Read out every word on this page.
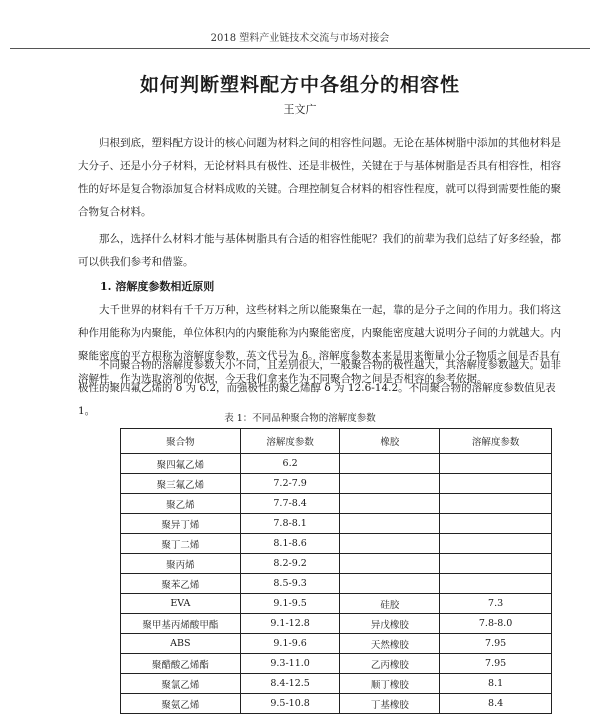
2018 塑料产业链技术交流与市场对接会
如何判断塑料配方中各组分的相容性
王文广

归根到底，塑料配方设计的核心问题为材料之间的相容性问题。无论在基体树脂中添加的其他材料是大分子、还是小分子材料，无论材料具有极性、还是非极性，关键在于与基体树脂是否具有相容性，相容性的好坏是复合物添加复合材料成败的关键。合理控制复合材料的相容性程度，就可以得到需要性能的聚合物复合材料。

那么，选择什么材料才能与基体树脂具有合适的相容性能呢？我们的前辈为我们总结了好多经验，都可以供我们参考和借鉴。

1. 溶解度参数相近原则

大千世界的材料有千千万万种，这些材料之所以能聚集在一起，靠的是分子之间的作用力。我们将这种作用能称为内聚能，单位体积内的内聚能称为内聚能密度，内聚能密度越大说明分子间的力就越大。内聚能密度的平方根称为溶解度参数，英文代号为 δ。溶解度参数本来是用来衡量小分子物质之间是否具有溶解性，作为选取溶剂的依据，今天我们拿来作为不同聚合物之间是否相容的参考依据。

不同聚合物的溶解度参数大小不同，且差别很大，一般聚合物的极性越大，其溶解度参数越大。如非极性的聚四氟乙烯的 δ 为 6.2，而强极性的聚乙烯醇 δ 为 12.6-14.2。不同聚合物的溶解度参数值见表 1。

表 1：不同品种聚合物的溶解度参数
聚合物	溶解度参数	橡胶	溶解度参数
聚四氟乙烯	6.2		
聚三氟乙烯	7.2-7.9		
聚乙烯	7.7-8.4		
聚异丁烯	7.8-8.1		
聚丁二烯	8.1-8.6		
聚丙烯	8.2-9.2		
聚苯乙烯	8.5-9.3		
EVA	9.1-9.5	硅胶	7.3
聚甲基丙烯酸甲酯	9.1-12.8	异戊橡胶	7.8-8.0
ABS	9.1-9.6	天然橡胶	7.95
聚醋酸乙烯酯	9.3-11.0	乙丙橡胶	7.95
聚氯乙烯	8.4-12.5	顺丁橡胶	8.1
聚氨乙烯	9.5-10.8	丁基橡胶	8.4
